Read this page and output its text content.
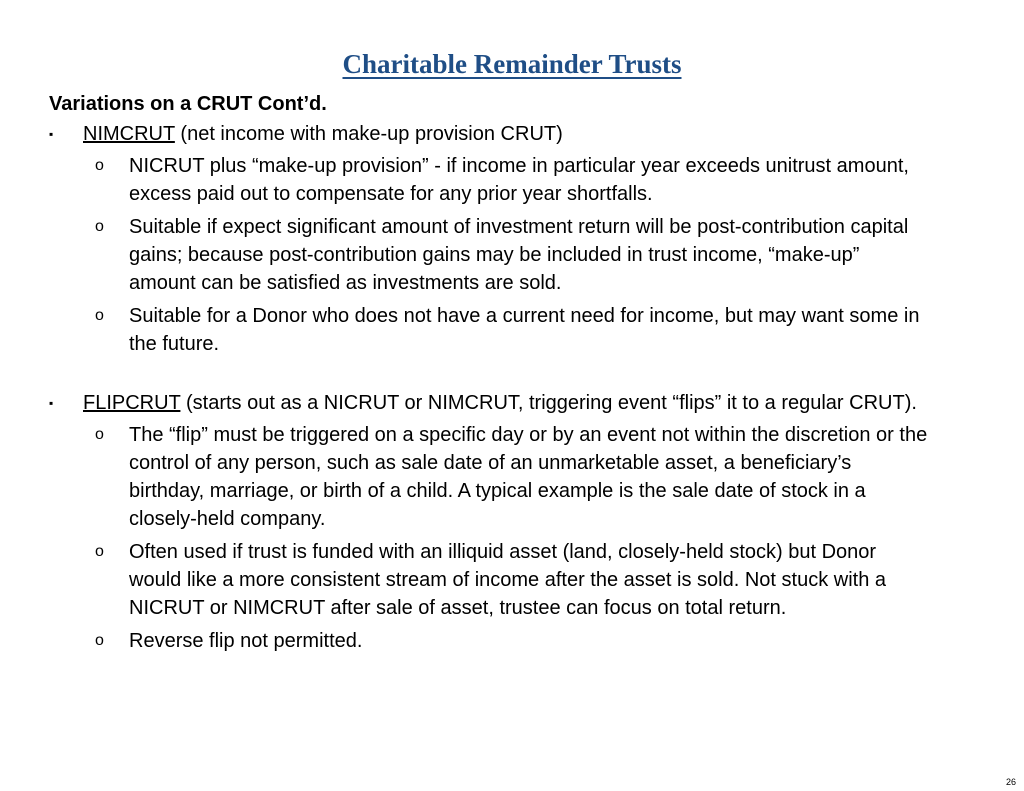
Charitable Remainder Trusts

Variations on a CRUT Cont’d.

▪ NIMCRUT (net income with make-up provision CRUT)
o NICRUT plus “make-up provision” - if income in particular year exceeds unitrust amount, excess paid out to compensate for any prior year shortfalls.
o Suitable if expect significant amount of investment return will be post-contribution capital gains; because post-contribution gains may be included in trust income, “make-up” amount can be satisfied as investments are sold.
o Suitable for a Donor who does not have a current need for income, but may want some in the future.
▪ FLIPCRUT (starts out as a NICRUT or NIMCRUT, triggering event “flips” it to a regular CRUT).
o The “flip” must be triggered on a specific day or by an event not within the discretion or the control of any person, such as sale date of an unmarketable asset, a beneficiary’s birthday, marriage, or birth of a child. A typical example is the sale date of stock in a closely-held company.
o Often used if trust is funded with an illiquid asset (land, closely-held stock) but Donor would like a more consistent stream of income after the asset is sold. Not stuck with a NICRUT or NIMCRUT after sale of asset, trustee can focus on total return.
o Reverse flip not permitted.
26
